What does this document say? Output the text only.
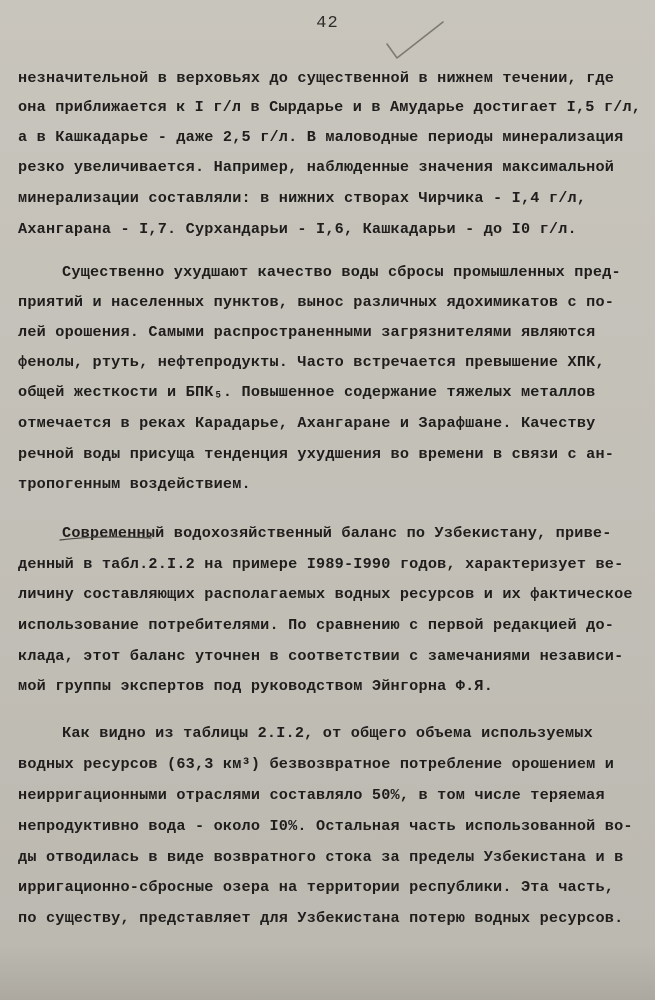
42
незначительной в верховьях до существенной в нижнем течении, где
она приближается к I г/л в Сырдарье и в Амударье достигает I,5 г/л,
а в Кашкадарье - даже 2,5 г/л. В маловодные периоды минерализация
резко увеличивается. Например, наблюденные значения максимальной
минерализации составляли: в нижних створах Чирчика - I,4 г/л,
Ахангарана - I,7. Сурхандарьи - I,6, Кашкадарьи - до I0 г/л.
Существенно ухудшают качество воды сбросы промышленных пред-
приятий и населенных пунктов, вынос различных ядохимикатов с по-
лей орошения. Самыми распространенными загрязнителями являются
фенолы, ртуть, нефтепродукты. Часто встречается превышение ХПК,
общей жесткости и БПК₅. Повышенное содержание тяжелых металлов
отмечается в реках Карадарье, Ахангаране и Зарафшане. Качеству
речной воды присуща тенденция ухудшения во времени в связи с ан-
тропогенным воздействием.
Современный водохозяйственный баланс по Узбекистану, приве-
денный в табл.2.I.2 на примере I989-I990 годов, характеризует ве-
личину составляющих располагаемых водных ресурсов и их фактическое
использование потребителями. По сравнению с первой редакцией до-
клада, этот баланс уточнен в соответствии с замечаниями независи-
мой группы экспертов под руководством Эйнгорна Ф.Я.
Как видно из таблицы 2.I.2, от общего объема используемых
водных ресурсов (63,3 км³) безвозвратное потребление орошением и
неирригационными отраслями составляло 50%, в том числе теряемая
непродуктивно вода - около I0%. Остальная часть использованной во-
ды отводилась в виде возвратного стока за пределы Узбекистана и в
ирригационно-сбросные озера на территории республики. Эта часть,
по существу, представляет для Узбекистана потерю водных ресурсов.
